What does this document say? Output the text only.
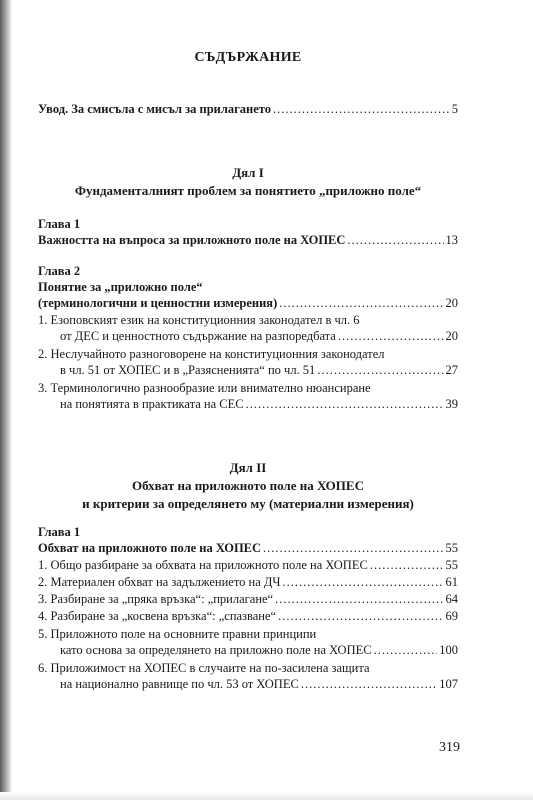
СЪДЪРЖАНИЕ
Увод. За смисъла с мисъл за прилагането .....	5
Дял I
Фундаменталният проблем за понятието „приложно поле“
Глава 1
Важността на въпроса за приложното поле на ХОПЕС .....	13
Глава 2
Понятие за „приложно поле“
(терминологични и ценностни измерения) .....	20
1. Езоповският език на конституционния законодател в чл. 6
от ДЕС и ценностното съдържание на разпоредбата .....	20
2. Неслучайното разноговорене на конституционния законодател
в чл. 51 от ХОПЕС и в „Разясненията“ по чл. 51 .....	27
3. Терминологично разнообразие или внимателно нюансиране
на понятията в практиката на СЕС .....	39
Дял II
Обхват на приложното поле на ХОПЕС
и критерии за определянето му (материални измерения)
Глава 1
Обхват на приложното поле на ХОПЕС .....	55
1. Общо разбиране за обхвата на приложното поле на ХОПЕС .....	55
2. Материален обхват на задължението на ДЧ .....	61
3. Разбиране за „пряка връзка“: „прилагане“ .....	64
4. Разбиране за „косвена връзка“: „спазване“ .....	69
5. Приложното поле на основните правни принципи
като основа за определянето на приложно поле на ХОПЕС .....	100
6. Приложимост на ХОПЕС в случаите на по-засилена защита
на национално равнище по чл. 53 от ХОПЕС .....	107
319
